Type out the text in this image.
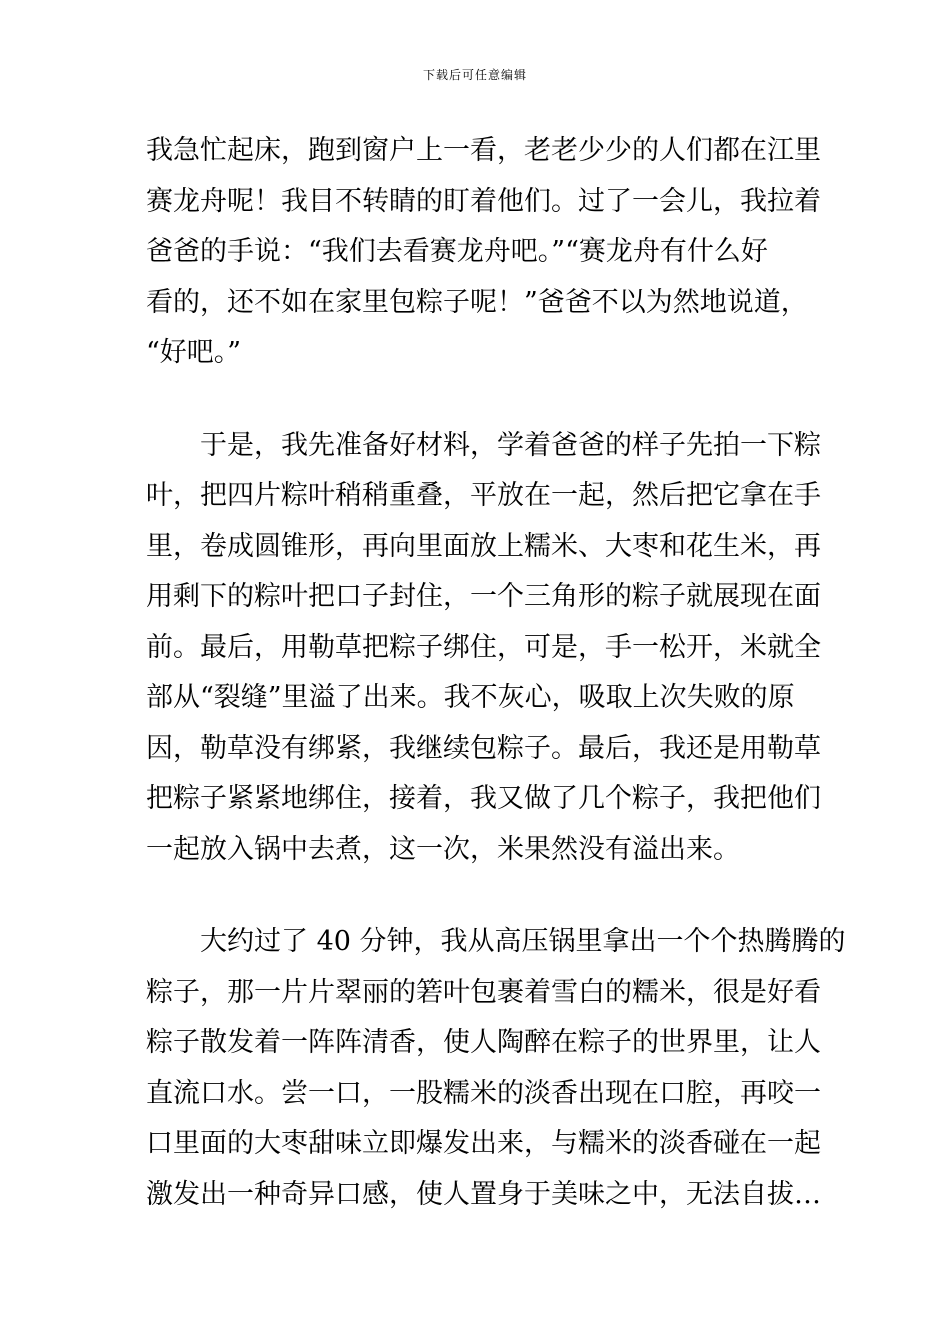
下载后可任意编辑

我急忙起床，跑到窗户上一看，老老少少的人们都在江里
赛龙舟呢！我目不转睛的盯着他们。过了一会儿，我拉着
爸爸的手说：“我们去看赛龙舟吧。”“赛龙舟有什么好
看的，还不如在家里包粽子呢！”爸爸不以为然地说道，
“好吧。”

　　于是，我先准备好材料，学着爸爸的样子先拍一下粽
叶，把四片粽叶稍稍重叠，平放在一起，然后把它拿在手
里，卷成圆锥形，再向里面放上糯米、大枣和花生米，再
用剩下的粽叶把口子封住，一个三角形的粽子就展现在面
前。最后，用勒草把粽子绑住，可是，手一松开，米就全
部从“裂缝”里溢了出来。我不灰心，吸取上次失败的原
因，勒草没有绑紧，我继续包粽子。最后，我还是用勒草
把粽子紧紧地绑住，接着，我又做了几个粽子，我把他们
一起放入锅中去煮，这一次，米果然没有溢出来。

　　大约过了 40 分钟，我从高压锅里拿出一个个热腾腾的
粽子，那一片片翠丽的箬叶包裹着雪白的糯米，很是好看
粽子散发着一阵阵清香，使人陶醉在粽子的世界里，让人
直流口水。尝一口，一股糯米的淡香出现在口腔，再咬一
口里面的大枣甜味立即爆发出来，与糯米的淡香碰在一起
激发出一种奇异口感，使人置身于美味之中，无法自拔…
